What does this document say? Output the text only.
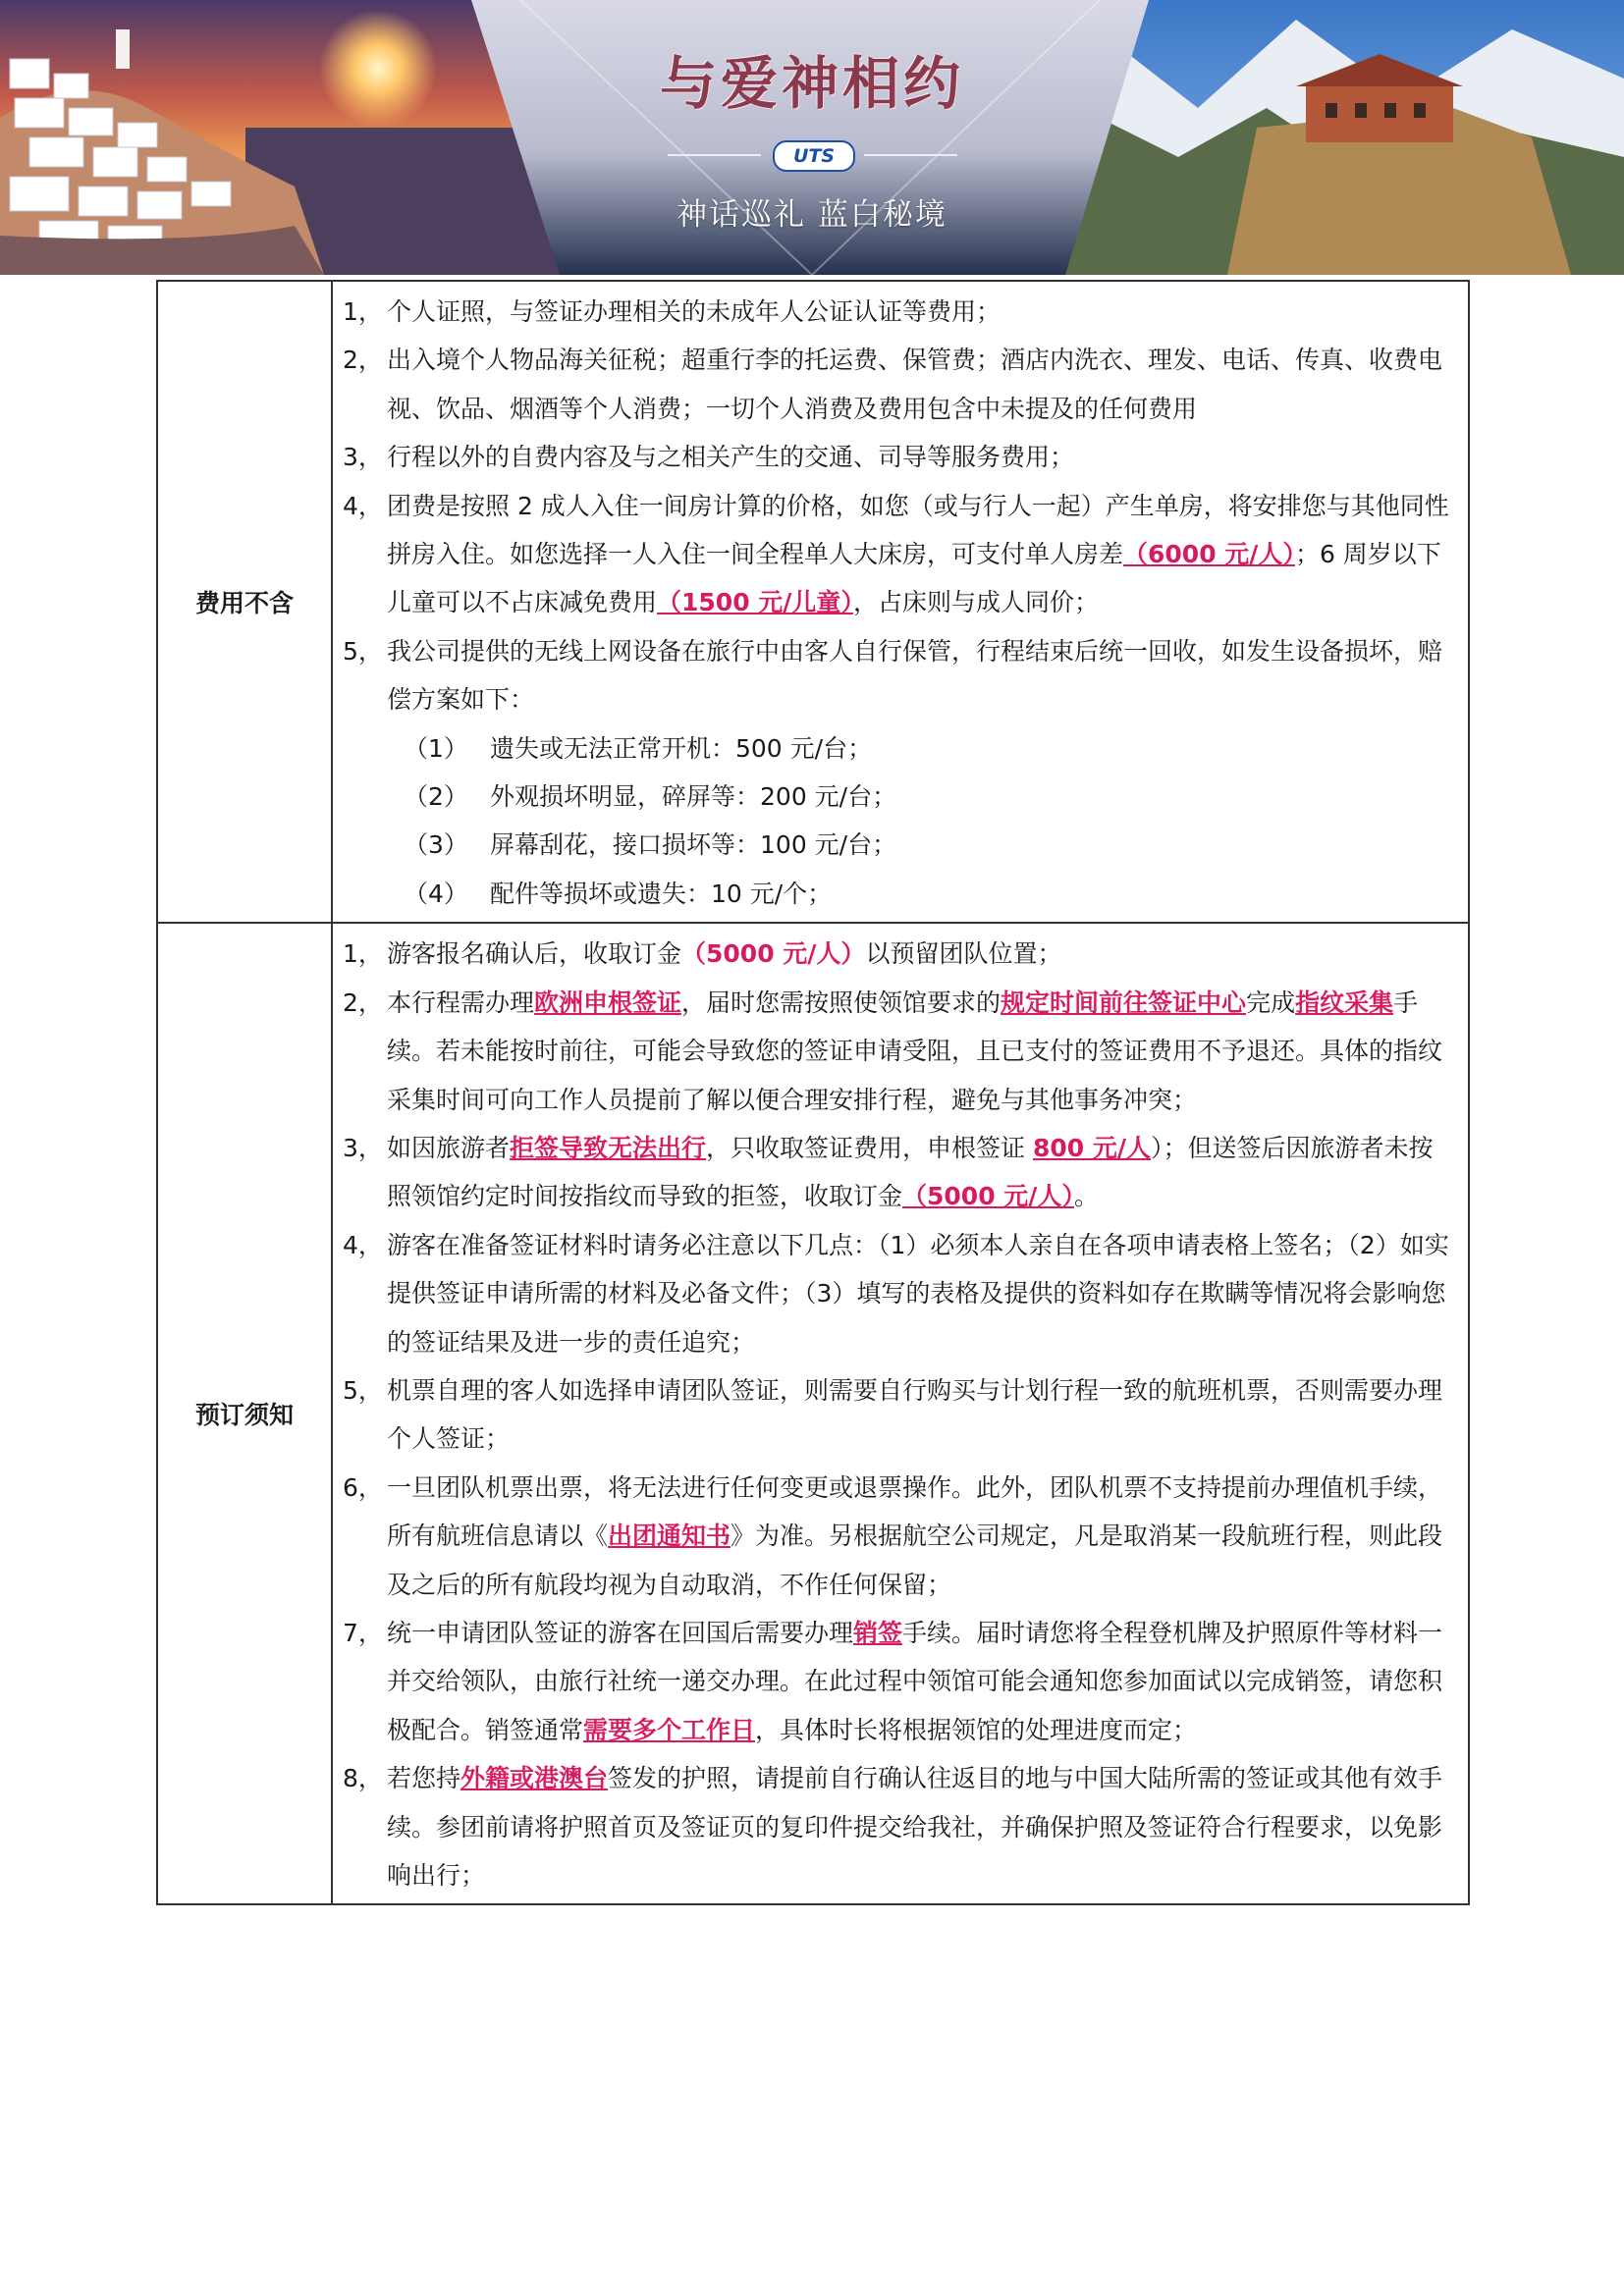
与爱神相约
UTS
神话巡礼 蓝白秘境
费用不含
1， 个人证照，与签证办理相关的未成年人公证认证等费用；
2， 出入境个人物品海关征税；超重行李的托运费、保管费；酒店内洗衣、理发、电话、传真、收费电视、饮品、烟酒等个人消费；一切个人消费及费用包含中未提及的任何费用
3， 行程以外的自费内容及与之相关产生的交通、司导等服务费用；
4， 团费是按照 2 成人入住一间房计算的价格，如您（或与行人一起）产生单房，将安排您与其他同性拼房入住。如您选择一人入住一间全程单人大床房，可支付单人房差（6000 元/人）；6 周岁以下儿童可以不占床减免费用（1500 元/儿童），占床则与成人同价；
5， 我公司提供的无线上网设备在旅行中由客人自行保管，行程结束后统一回收，如发生设备损坏，赔偿方案如下：
（1） 遗失或无法正常开机：500 元/台；
（2） 外观损坏明显，碎屏等：200 元/台；
（3） 屏幕刮花，接口损坏等：100 元/台；
（4） 配件等损坏或遗失：10 元/个；
预订须知
1， 游客报名确认后，收取订金（5000 元/人）以预留团队位置；
2， 本行程需办理欧洲申根签证，届时您需按照使领馆要求的规定时间前往签证中心完成指纹采集手续。若未能按时前往，可能会导致您的签证申请受阻，且已支付的签证费用不予退还。具体的指纹采集时间可向工作人员提前了解以便合理安排行程，避免与其他事务冲突；
3， 如因旅游者拒签导致无法出行，只收取签证费用，申根签证 800 元/人）；但送签后因旅游者未按照领馆约定时间按指纹而导致的拒签，收取订金（5000 元/人）。
4， 游客在准备签证材料时请务必注意以下几点：（1）必须本人亲自在各项申请表格上签名；（2）如实提供签证申请所需的材料及必备文件；（3）填写的表格及提供的资料如存在欺瞒等情况将会影响您的签证结果及进一步的责任追究；
5， 机票自理的客人如选择申请团队签证，则需要自行购买与计划行程一致的航班机票，否则需要办理个人签证；
6， 一旦团队机票出票，将无法进行任何变更或退票操作。此外，团队机票不支持提前办理值机手续，所有航班信息请以《出团通知书》为准。另根据航空公司规定，凡是取消某一段航班行程，则此段及之后的所有航段均视为自动取消，不作任何保留；
7， 统一申请团队签证的游客在回国后需要办理销签手续。届时请您将全程登机牌及护照原件等材料一并交给领队，由旅行社统一递交办理。在此过程中领馆可能会通知您参加面试以完成销签，请您积极配合。销签通常需要多个工作日，具体时长将根据领馆的处理进度而定；
8， 若您持外籍或港澳台签发的护照，请提前自行确认往返目的地与中国大陆所需的签证或其他有效手续。参团前请将护照首页及签证页的复印件提交给我社，并确保护照及签证符合行程要求，以免影响出行；
